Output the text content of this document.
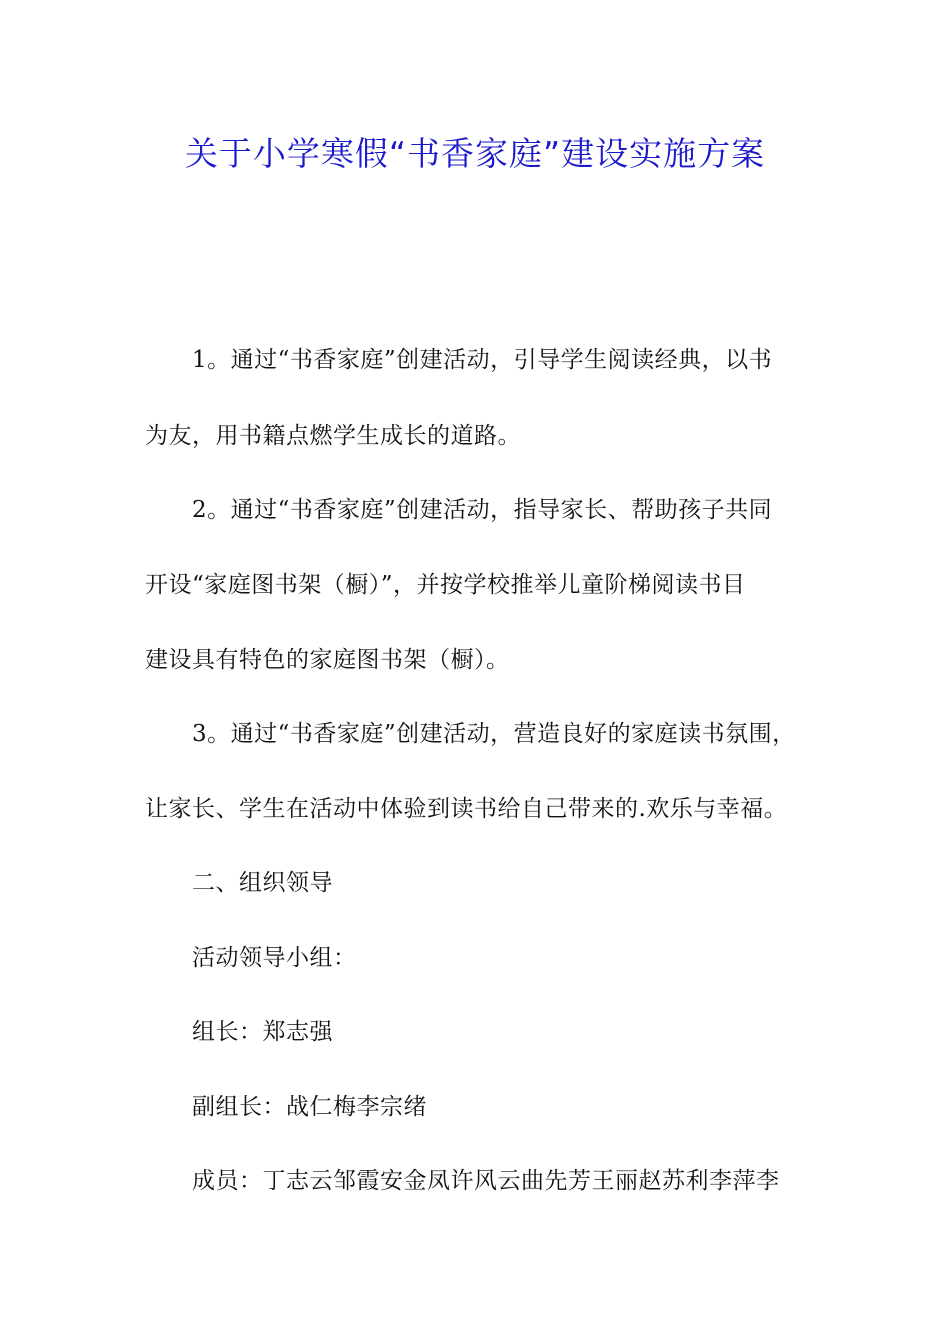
关于小学寒假“书香家庭”建设实施方案
1。通过“书香家庭”创建活动，引导学生阅读经典，以书
为友，用书籍点燃学生成长的道路。
2。通过“书香家庭”创建活动，指导家长、帮助孩子共同
开设“家庭图书架（橱）”，并按学校推举儿童阶梯阅读书目
建设具有特色的家庭图书架（橱）。
3。通过“书香家庭”创建活动，营造良好的家庭读书氛围，
让家长、学生在活动中体验到读书给自己带来的.欢乐与幸福。
二、组织领导
活动领导小组：
组长：郑志强
副组长：战仁梅李宗绪
成员：丁志云邹霞安金凤许风云曲先芳王丽赵苏利李萍李
